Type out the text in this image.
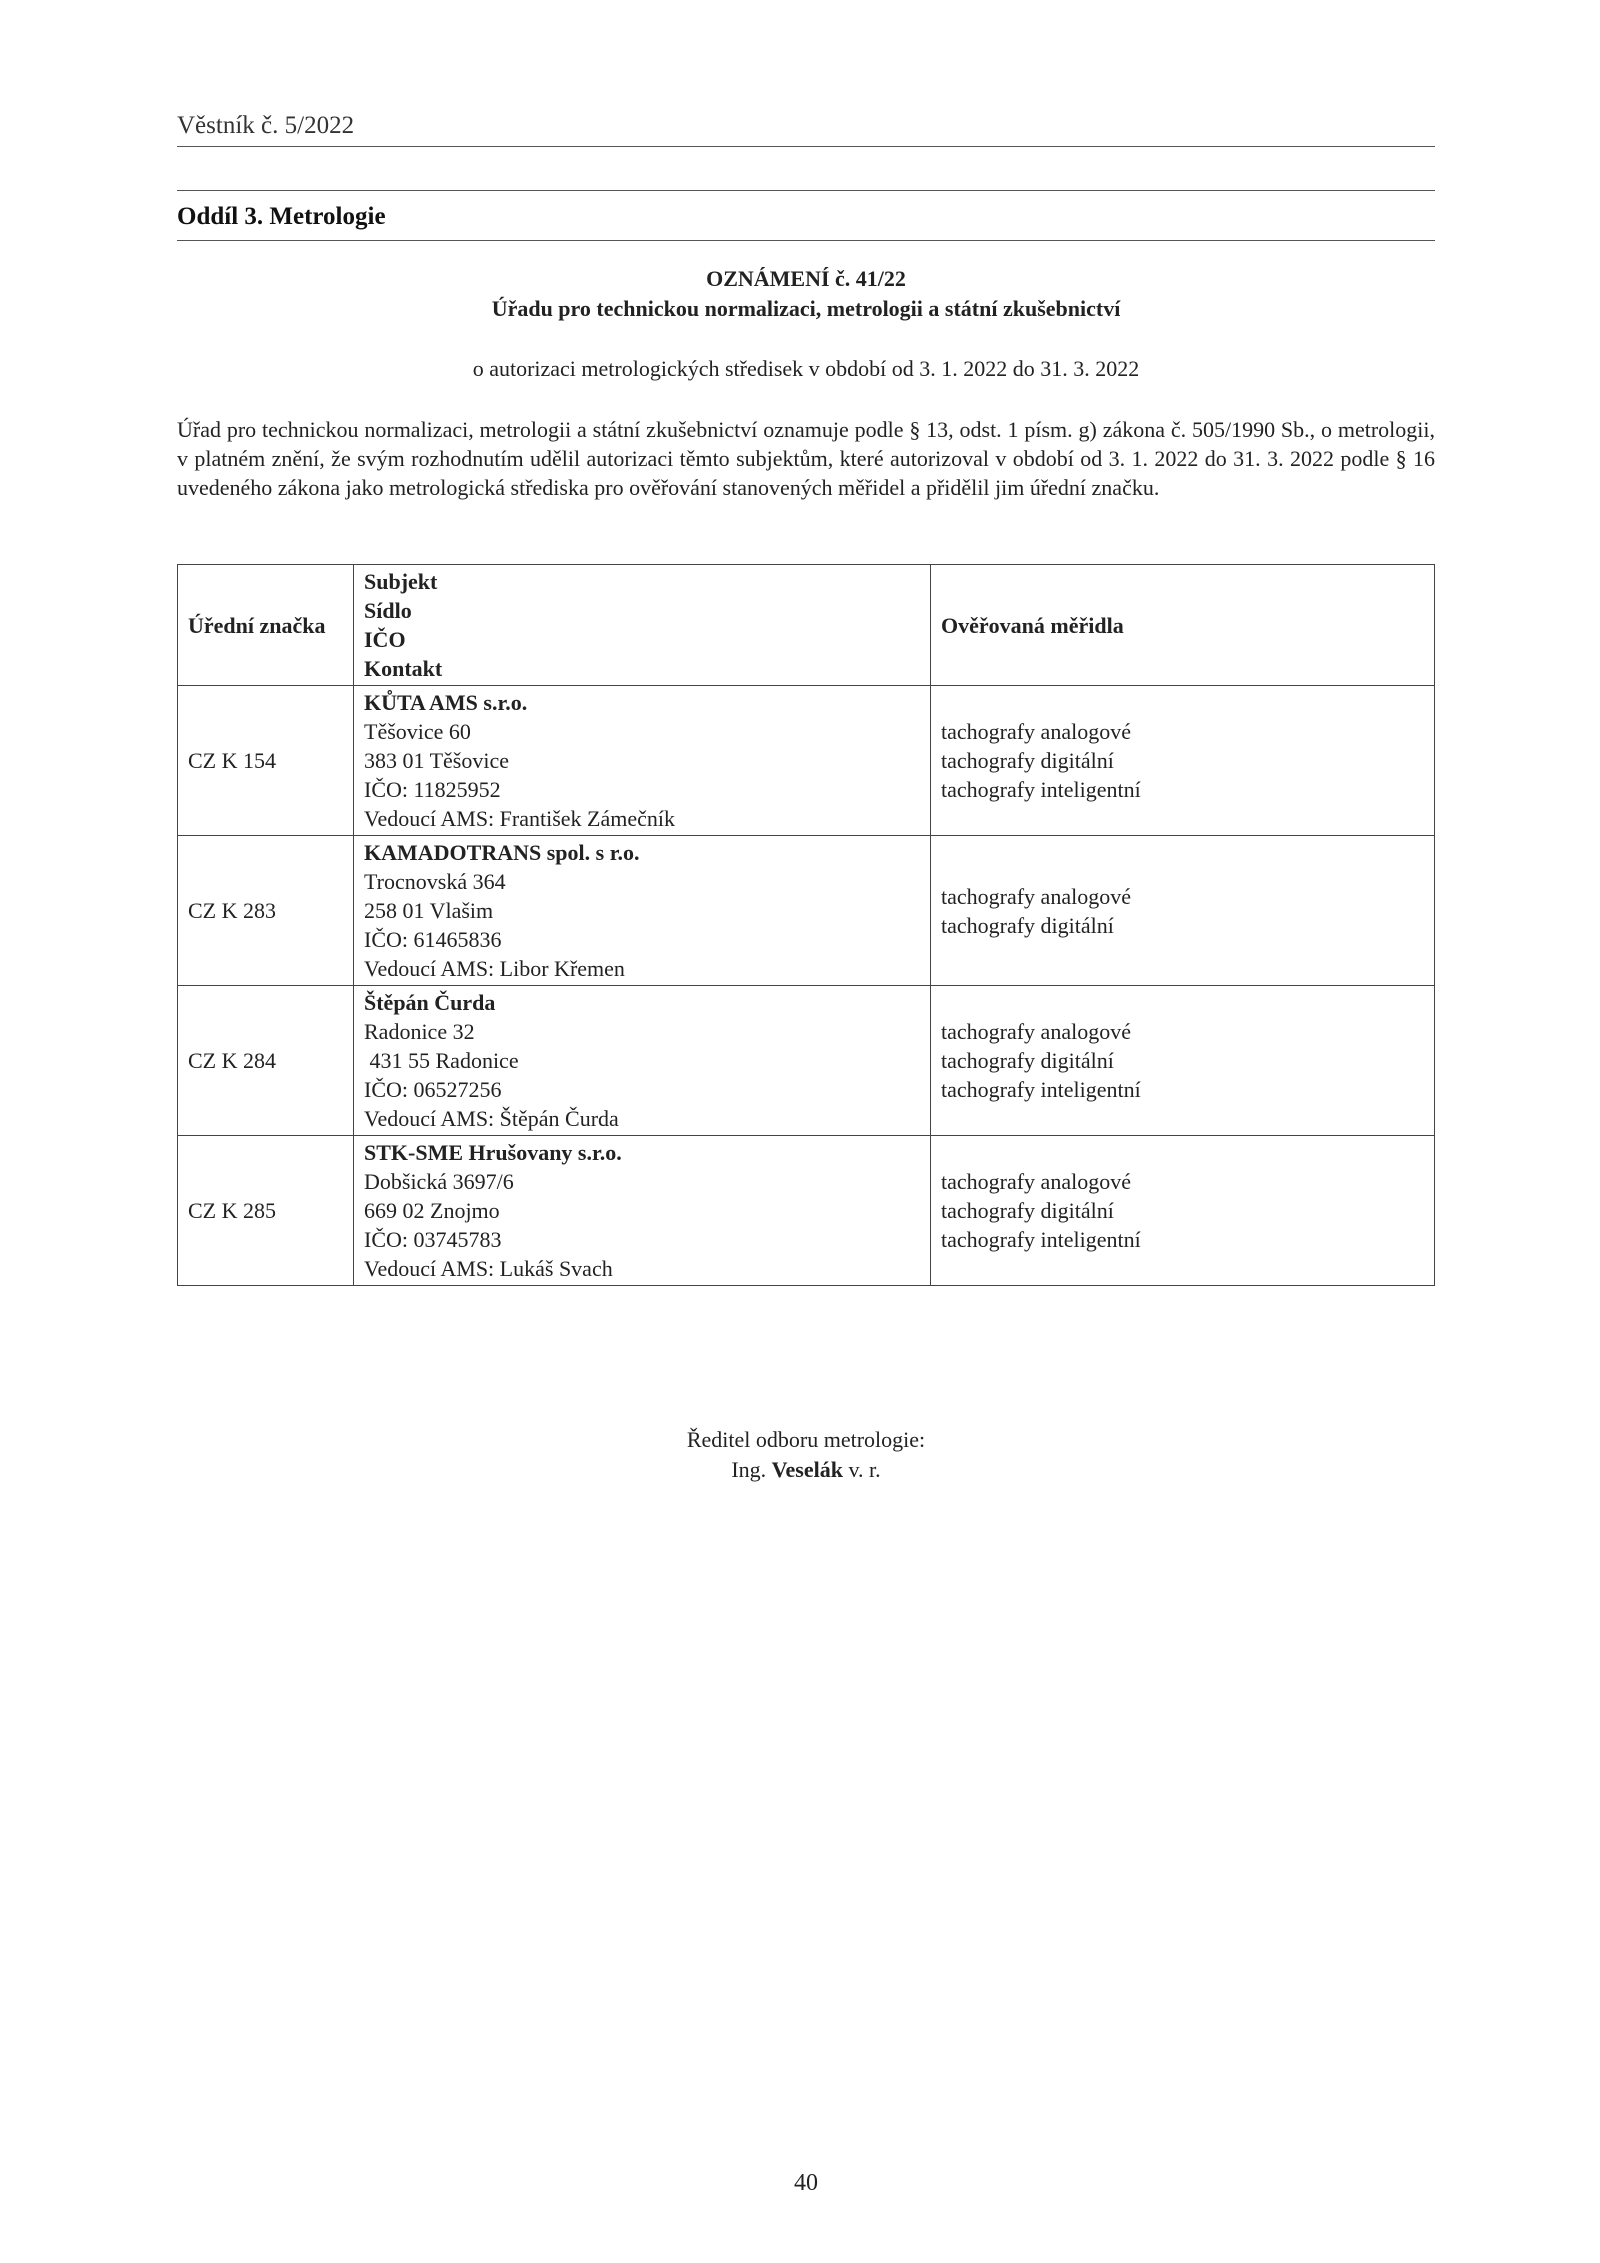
Věstník č. 5/2022
Oddíl 3. Metrologie
OZNÁMENÍ č. 41/22
Úřadu pro technickou normalizaci, metrologii a státní zkušebnictví
o autorizaci metrologických středisek v období od 3. 1. 2022 do 31. 3. 2022
Úřad pro technickou normalizaci, metrologii a státní zkušebnictví oznamuje podle § 13, odst. 1 písm. g) zákona č. 505/1990 Sb., o metrologii, v platném znění, že svým rozhodnutím udělil autorizaci těmto subjektům, které autorizoval v období od 3. 1. 2022 do 31. 3. 2022 podle § 16 uvedeného zákona jako metrologická střediska pro ověřování stanovených měřidel a přidělil jim úřední značku.
Úřední značka	Subjekt
Sídlo
IČO
Kontakt	Ověřovaná měřidla
CZ K 154	KŮTA AMS s.r.o.
Těšovice 60
383 01 Těšovice
IČO: 11825952
Vedoucí AMS: František Zámečník	tachografy analogové
tachografy digitální
tachografy inteligentní

CZ K 283	KAMADOTRANS spol. s r.o.
Trocnovská 364
258 01 Vlašim
IČO: 61465836
Vedoucí AMS: Libor Křemen	tachografy analogové
tachografy digitální

CZ K 284	Štěpán Čurda
Radonice 32
431 55 Radonice
IČO: 06527256
Vedoucí AMS: Štěpán Čurda	tachografy analogové
tachografy digitální
tachografy inteligentní

CZ K 285	STK-SME Hrušovany s.r.o.
Dobšická 3697/6
669 02 Znojmo
IČO: 03745783
Vedoucí AMS: Lukáš Svach	tachografy analogové
tachografy digitální
tachografy inteligentní
Ředitel odboru metrologie:
Ing. Veselák v. r.
40
